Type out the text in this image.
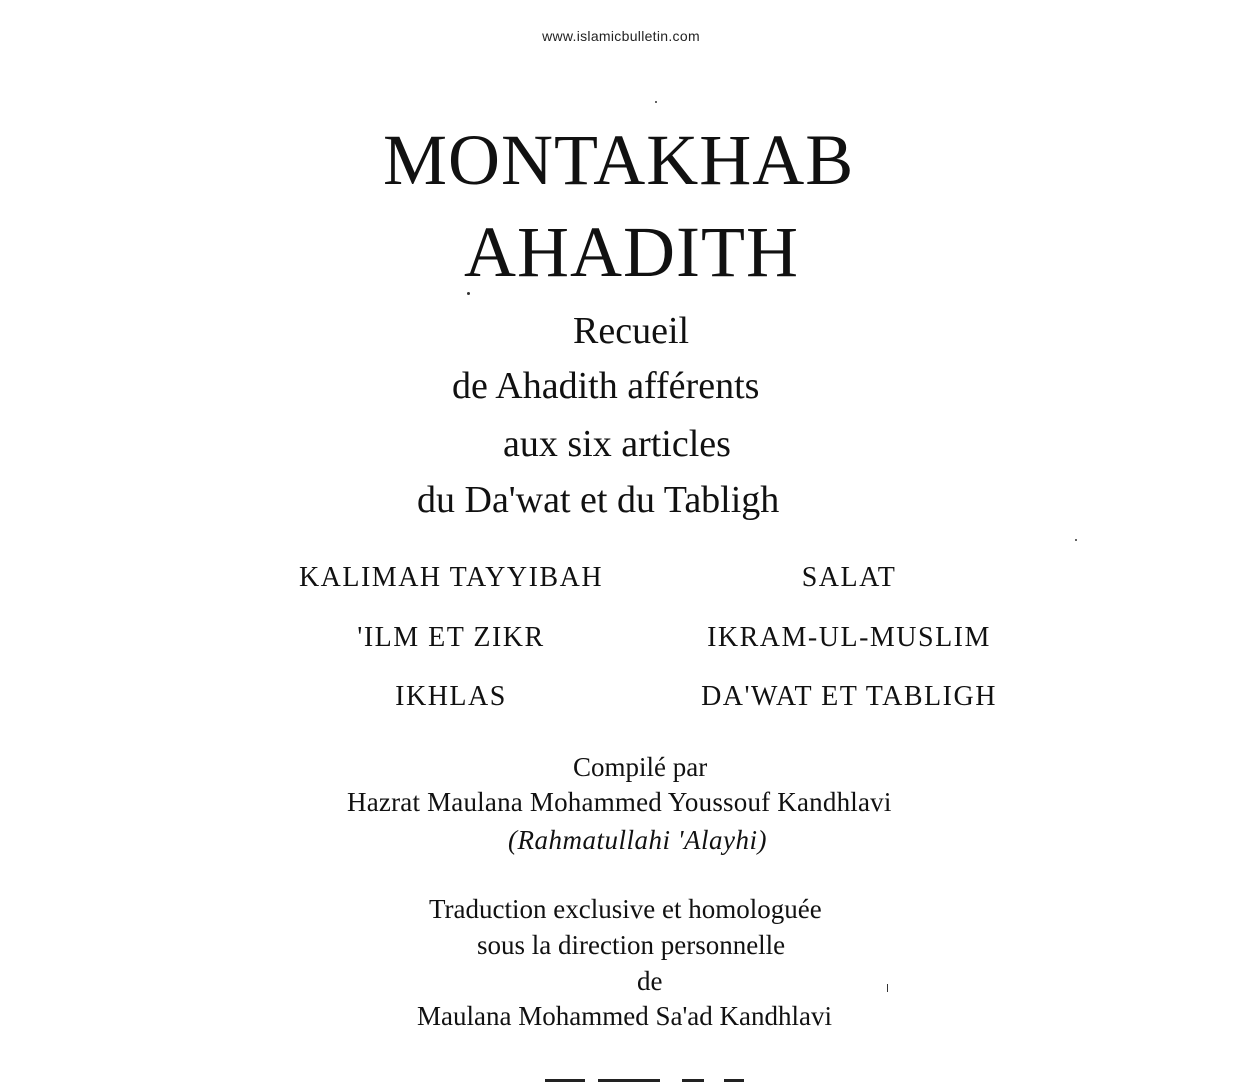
www.islamicbulletin.com
MONTAKHAB
AHADITH
Recueil
de Ahadith afférents
aux six articles
du Da'wat et du Tabligh
KALIMAH TAYYIBAH
'ILM ET ZIKR
IKHLAS
SALAT
IKRAM-UL-MUSLIM
DA'WAT ET TABLIGH
Compilé par
Hazrat Maulana Mohammed Youssouf Kandhlavi
(Rahmatullahi 'Alayhi)
Traduction exclusive et homologuée
sous la direction personnelle
de
Maulana Mohammed Sa'ad Kandhlavi
